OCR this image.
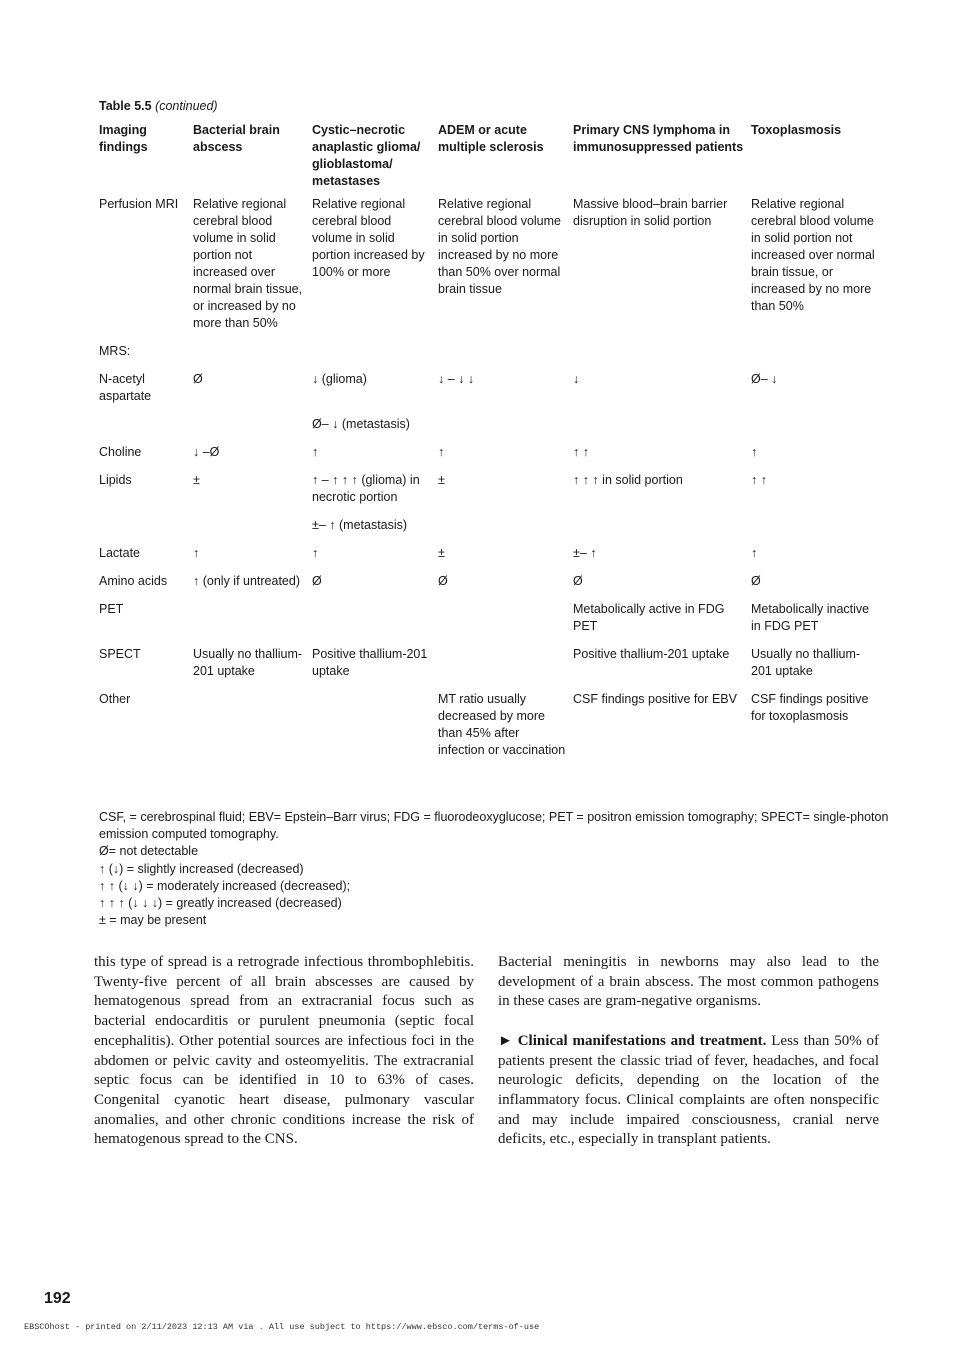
Table 5.5 (continued)
Imaging findings	Bacterial brain abscess	Cystic–necrotic anaplastic glioma/ glioblastoma/ metastases	ADEM or acute multiple sclerosis	Primary CNS lymphoma in immunosuppressed patients	Toxoplasmosis
Perfusion MRI	Relative regional cerebral blood volume in solid portion not increased over normal brain tissue, or increased by no more than 50%	Relative regional cerebral blood volume in solid portion increased by 100% or more	Relative regional cerebral blood volume in solid portion increased by no more than 50% over normal brain tissue	Massive blood–brain barrier disruption in solid portion	Relative regional cerebral blood volume in solid portion not increased over normal brain tissue, or increased by no more than 50%
MRS:					
N-acetyl aspartate	Ø	↓ (glioma)	↓ – ↓ ↓	↓	Ø– ↓
		Ø– ↓ (metastasis)			
Choline	↓ –Ø	↑	↑	↑ ↑	↑
Lipids	±	↑ – ↑ ↑ ↑ (glioma) in necrotic portion	±	↑ ↑ ↑ in solid portion	↑ ↑
		±– ↑ (metastasis)			
Lactate	↑	↑	±	±– ↑	↑
Amino acids	↑ (only if untreated)	Ø	Ø	Ø	Ø
PET				Metabolically active in FDG PET	Metabolically inactive in FDG PET
SPECT	Usually no thallium-201 uptake	Positive thallium-201 uptake		Positive thallium-201 uptake	Usually no thallium-201 uptake
Other			MT ratio usually decreased by more than 45% after infection or vaccination	CSF findings positive for EBV	CSF findings positive for toxoplasmosis
CSF, = cerebrospinal fluid; EBV= Epstein–Barr virus; FDG = fluorodeoxyglucose; PET = positron emission tomography; SPECT= single-photon emission computed tomography.
Ø= not detectable
↑ (↓) = slightly increased (decreased)
↑ ↑ (↓ ↓) = moderately increased (decreased);
↑ ↑ ↑ (↓ ↓ ↓) = greatly increased (decreased)
± = may be present

this type of spread is a retrograde infectious thrombophlebitis. Twenty-five percent of all brain abscesses are caused by hematogenous spread from an extracranial focus such as bacterial endocarditis or purulent pneumonia (septic focal encephalitis). Other potential sources are infectious foci in the abdomen or pelvic cavity and osteomyelitis. The extracranial septic focus can be identified in 10 to 63% of cases. Congenital cyanotic heart disease, pulmonary vascular anomalies, and other chronic conditions increase the risk of hematogenous spread to the CNS.

Bacterial meningitis in newborns may also lead to the development of a brain abscess. The most common pathogens in these cases are gram-negative organisms.

► Clinical manifestations and treatment. Less than 50% of patients present the classic triad of fever, headaches, and focal neurologic deficits, depending on the location of the inflammatory focus. Clinical complaints are often nonspecific and may include impaired consciousness, cranial nerve deficits, etc., especially in transplant patients.

192
EBSCOhost - printed on 2/11/2023 12:13 AM via . All use subject to https://www.ebsco.com/terms-of-use
